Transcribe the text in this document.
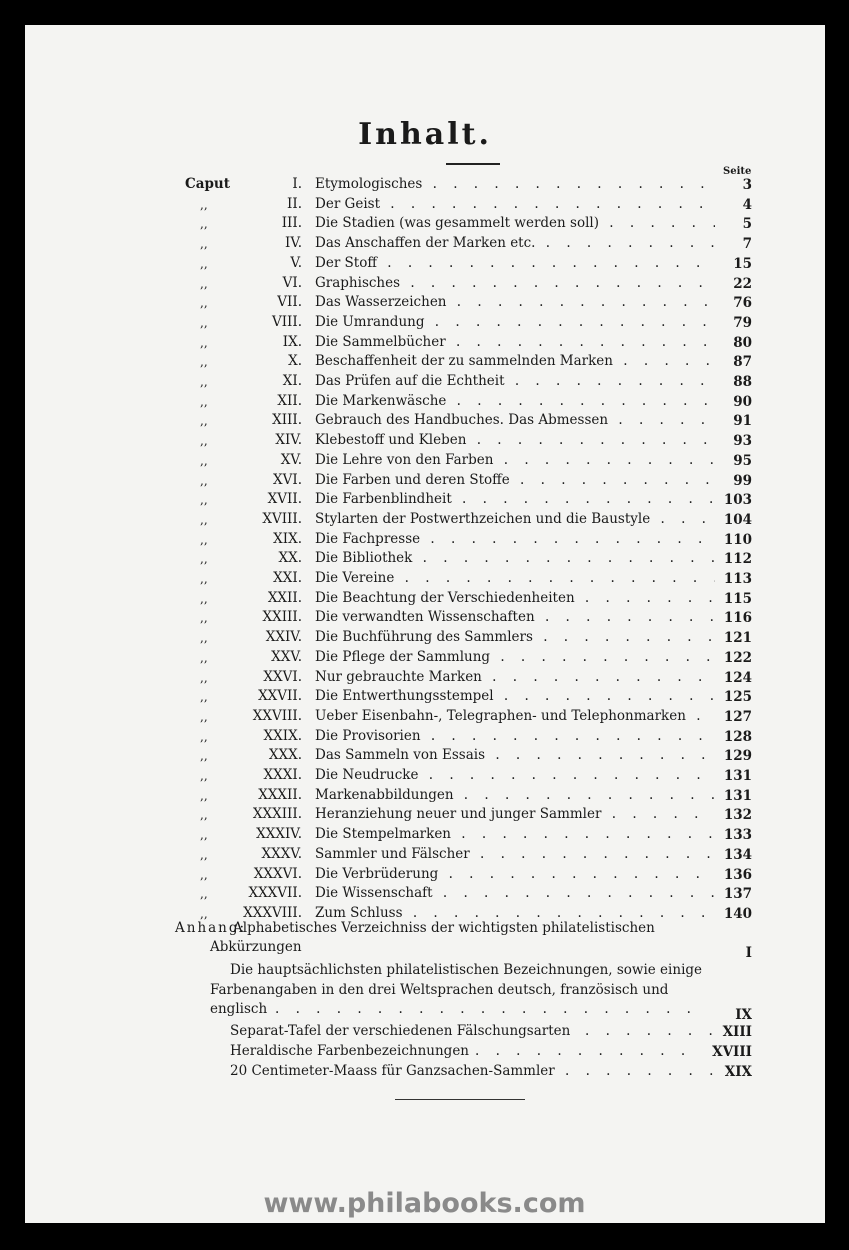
Inhalt.
Seite
Caput	I. Etymologisches . . .	3
,,	II. Der Geist . . .	4
,,	III. Die Stadien (was gesammelt werden soll) . . .	5
,,	IV. Das Anschaffen der Marken etc. . . .	7
,,	V. Der Stoff . . .	15
,,	VI. Graphisches . . .	22
,,	VII. Das Wasserzeichen . . .	76
,,	VIII. Die Umrandung . . .	79
,,	IX. Die Sammelbücher . . .	80
,,	X. Beschaffenheit der zu sammelnden Marken . . .	87
,,	XI. Das Prüfen auf die Echtheit . . .	88
,,	XII. Die Markenwäsche . . .	90
,,	XIII. Gebrauch des Handbuches. Das Abmessen . . .	91
,,	XIV. Klebestoff und Kleben . . .	93
,,	XV. Die Lehre von den Farben . . .	95
,,	XVI. Die Farben und deren Stoffe . . .	99
,,	XVII. Die Farbenblindheit . . .	103
,,	XVIII. Stylarten der Postwerthzeichen und die Baustyle . . .	104
,,	XIX. Die Fachpresse . . .	110
,,	XX. Die Bibliothek . . .	112
,,	XXI. Die Vereine . . .	113
,,	XXII. Die Beachtung der Verschiedenheiten . . .	115
,,	XXIII. Die verwandten Wissenschaften . . .	116
,,	XXIV. Die Buchführung des Sammlers . . .	121
,,	XXV. Die Pflege der Sammlung . . .	122
,,	XXVI. Nur gebrauchte Marken . . .	124
,,	XXVII. Die Entwerthungsstempel . . .	125
,,	XXVIII. Ueber Eisenbahn-, Telegraphen- und Telephonmarken . . .	127
,,	XXIX. Die Provisorien . . .	128
,,	XXX. Das Sammeln von Essais . . .	129
,,	XXXI. Die Neudrucke . . .	131
,,	XXXII. Markenabbildungen . . .	131
,,	XXXIII. Heranziehung neuer und junger Sammler . . .	132
,,	XXXIV. Die Stempelmarken . . .	133
,,	XXXV. Sammler und Fälscher . . .	134
,,	XXXVI. Die Verbrüderung . . .	136
,,	XXXVII. Die Wissenschaft . . .	137
,,	XXXVIII. Zum Schluss . . .	140
Anhang:
Alphabetisches Verzeichniss der wichtigsten philatelistischen
Abkürzungen	I
Die hauptsächlichsten philatelistischen Bezeichnungen, sowie einige
Farbenangaben in den drei Weltsprachen deutsch, französisch und
englisch . . .	IX
Separat-Tafel der verschiedenen Fälschungsarten . . .	XIII
Heraldische Farbenbezeichnungen . . .	XVIII
20 Centimeter-Maass für Ganzsachen-Sammler . . .	XIX
www.philabooks.com
